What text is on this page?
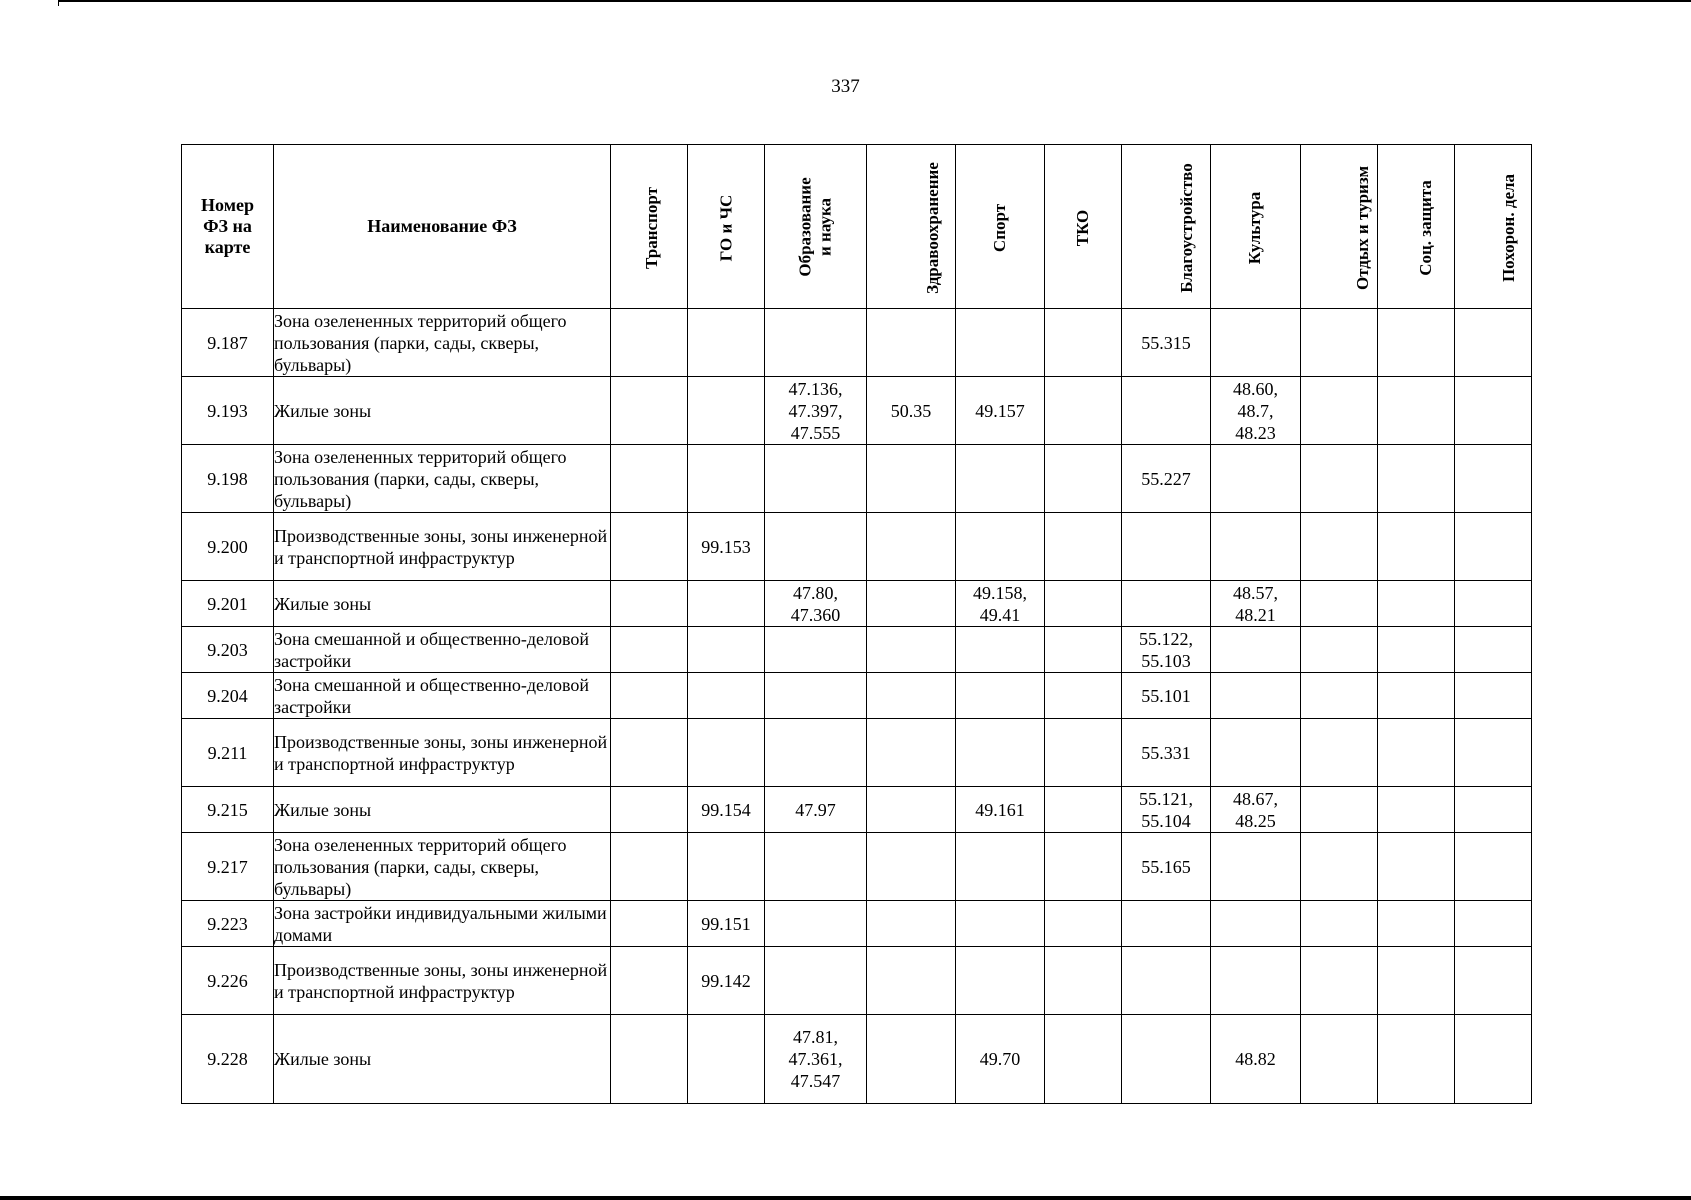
337
Номер ФЗ на карте	Наименование ФЗ	Транспорт	ГО и ЧС	Образование
и наука	Здравоохранение	Спорт	ТКО	Благоустройство	Культура	Отдых и туризм	Соц. защита	Похорон. дела
9.187	Зона озелененных территорий общего пользования (парки, сады, скверы, бульвары)							55.315				
9.193	Жилые зоны			47.136,
47.397,
47.555	50.35	49.157			48.60,
48.7,
48.23			
9.198	Зона озелененных территорий общего пользования (парки, сады, скверы, бульвары)							55.227				
9.200	Производственные зоны, зоны инженерной и транспортной инфраструктур		99.153									
9.201	Жилые зоны			47.80,
47.360		49.158,
49.41			48.57,
48.21			
9.203	Зона смешанной и общественно-деловой застройки							55.122,
55.103				
9.204	Зона смешанной и общественно-деловой застройки							55.101				
9.211	Производственные зоны, зоны инженерной и транспортной инфраструктур							55.331				
9.215	Жилые зоны		99.154	47.97		49.161		55.121,
55.104	48.67,
48.25			
9.217	Зона озелененных территорий общего пользования (парки, сады, скверы, бульвары)							55.165				
9.223	Зона застройки индивидуальными жилыми домами		99.151									
9.226	Производственные зоны, зоны инженерной и транспортной инфраструктур		99.142									
9.228	Жилые зоны			47.81,
47.361,
47.547		49.70			48.82			
